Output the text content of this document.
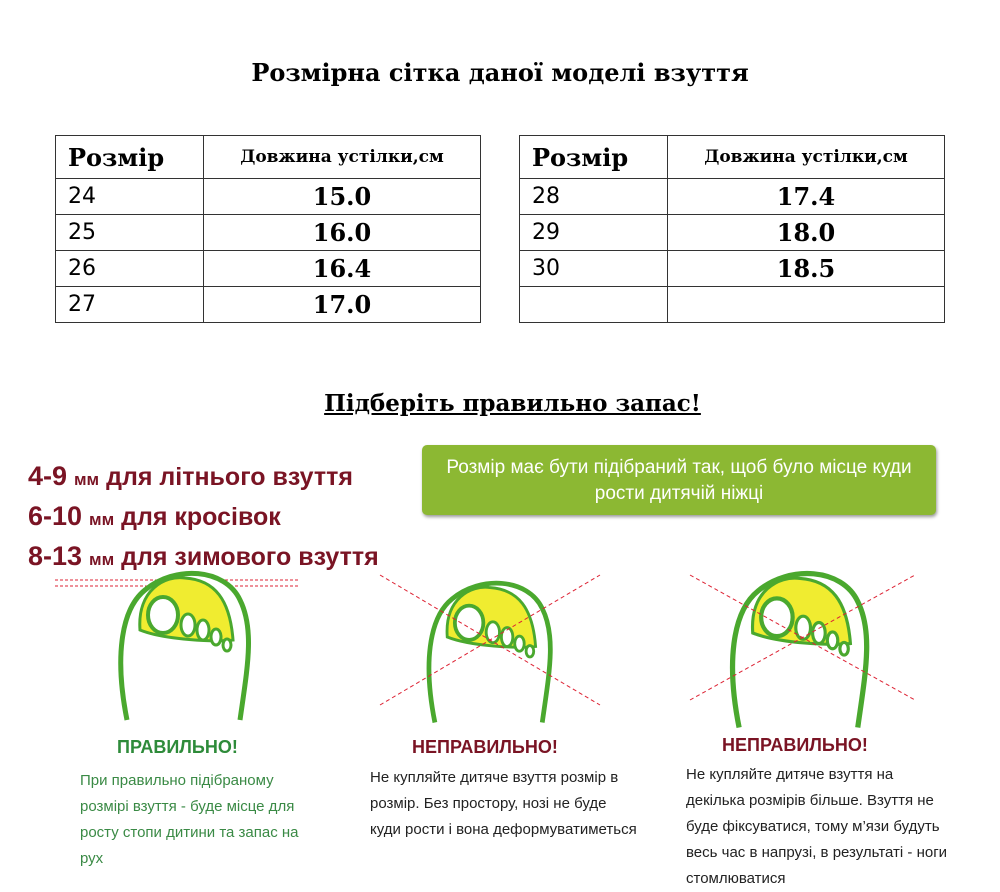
Розмірна сітка даної моделі взуття
Розмір	Довжина устілки,см
24	15.0
25	16.0
26	16.4
27	17.0
Розмір	Довжина устілки,см
28	17.4
29	18.0
30	18.5

Підберіть правильно запас!
4-9 мм для літнього взуття
6-10 мм для кросівок
8-13 мм для зимового взуття
Розмір має бути підібраний так, щоб було місце куди рости дитячій ніжці
ПРАВИЛЬНО!	НЕПРАВИЛЬНО!	НЕПРАВИЛЬНО!
При правильно підібраному розмірі взуття - буде місце для росту стопи дитини та запас на рух
Не купляйте дитяче взуття розмір в розмір. Без простору, нозі не буде куди рости і вона деформуватиметься
Не купляйте дитяче взуття на декілька розмірів більше. Взуття не буде фіксуватися, тому м’язи будуть весь час в напрузі, в результаті - ноги стомлюватися
